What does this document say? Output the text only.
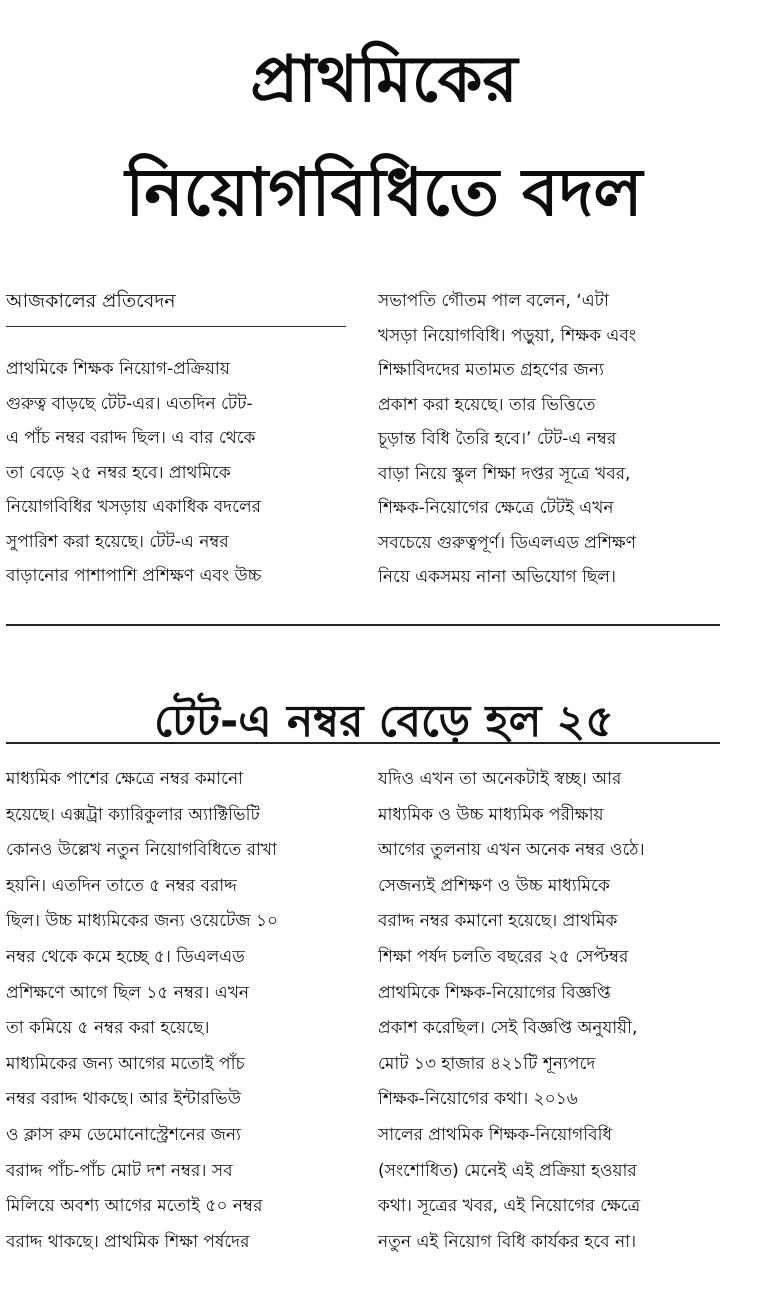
প্রাথমিকের
নিয়োগবিধিতে বদল
আজকালের প্রতিবেদন
প্রাথমিকে শিক্ষক নিয়োগ-প্রক্রিয়ায়
গুরুত্ব বাড়ছে টেট-এর। এতদিন টেট-
এ পাঁচ নম্বর বরাদ্দ ছিল। এ বার থেকে
তা বেড়ে ২৫ নম্বর হবে। প্রাথমিকে
নিয়োগবিধির খসড়ায় একাধিক বদলের
সুপারিশ করা হয়েছে। টেট-এ নম্বর
বাড়ানোর পাশাপাশি প্রশিক্ষণ এবং উচ্চ
সভাপতি গৌতম পাল বলেন, ‘এটা
খসড়া নিয়োগবিধি। পড়ুয়া, শিক্ষক এবং
শিক্ষাবিদদের মতামত গ্রহণের জন্য
প্রকাশ করা হয়েছে। তার ভিত্তিতে
চূড়ান্ত বিধি তৈরি হবে।’ টেট-এ নম্বর
বাড়া নিয়ে স্কুল শিক্ষা দপ্তর সূত্রে খবর,
শিক্ষক-নিয়োগের ক্ষেত্রে টেটই এখন
সবচেয়ে গুরুত্বপূর্ণ। ডিএলএড প্রশিক্ষণ
নিয়ে একসময় নানা অভিযোগ ছিল।
টেট-এ নম্বর বেড়ে হল ২৫
মাধ্যমিক পাশের ক্ষেত্রে নম্বর কমানো
হয়েছে। এক্সট্রা ক্যারিকুলার অ্যাক্টিভিটি
কোনও উল্লেখ নতুন নিয়োগবিধিতে রাখা
হয়নি। এতদিন তাতে ৫ নম্বর বরাদ্দ
ছিল। উচ্চ মাধ্যমিকের জন্য ওয়েটেজ ১০
নম্বর থেকে কমে হচ্ছে ৫। ডিএলএড
প্রশিক্ষণে আগে ছিল ১৫ নম্বর। এখন
তা কমিয়ে ৫ নম্বর করা হয়েছে।
মাধ্যমিকের জন্য আগের মতোই পাঁচ
নম্বর বরাদ্দ থাকছে। আর ইন্টারভিউ
ও ক্লাস রুম ডেমোনোস্ট্রেশনের জন্য
বরাদ্দ পাঁচ-পাঁচ মোট দশ নম্বর। সব
মিলিয়ে অবশ্য আগের মতোই ৫০ নম্বর
বরাদ্দ থাকছে। প্রাথমিক শিক্ষা পর্ষদের
যদিও এখন তা অনেকটাই স্বচ্ছ। আর
মাধ্যমিক ও উচ্চ মাধ্যমিক পরীক্ষায়
আগের তুলনায় এখন অনেক নম্বর ওঠে।
সেজন্যই প্রশিক্ষণ ও উচ্চ মাধ্যমিকে
বরাদ্দ নম্বর কমানো হয়েছে। প্রাথমিক
শিক্ষা পর্ষদ চলতি বছরের ২৫ সেপ্টম্বর
প্রাথমিকে শিক্ষক-নিয়োগের বিজ্ঞপ্তি
প্রকাশ করেছিল। সেই বিজ্ঞপ্তি অনুযায়ী,
মোট ১৩ হাজার ৪২১টি শূন্যপদে
শিক্ষক-নিয়োগের কথা। ২০১৬
সালের প্রাথমিক শিক্ষক-নিয়োগবিধি
(সংশোধিত) মেনেই এই প্রক্রিয়া হওয়ার
কথা। সূত্রের খবর, এই নিয়োগের ক্ষেত্রে
নতুন এই নিয়োগ বিধি কার্যকর হবে না।
